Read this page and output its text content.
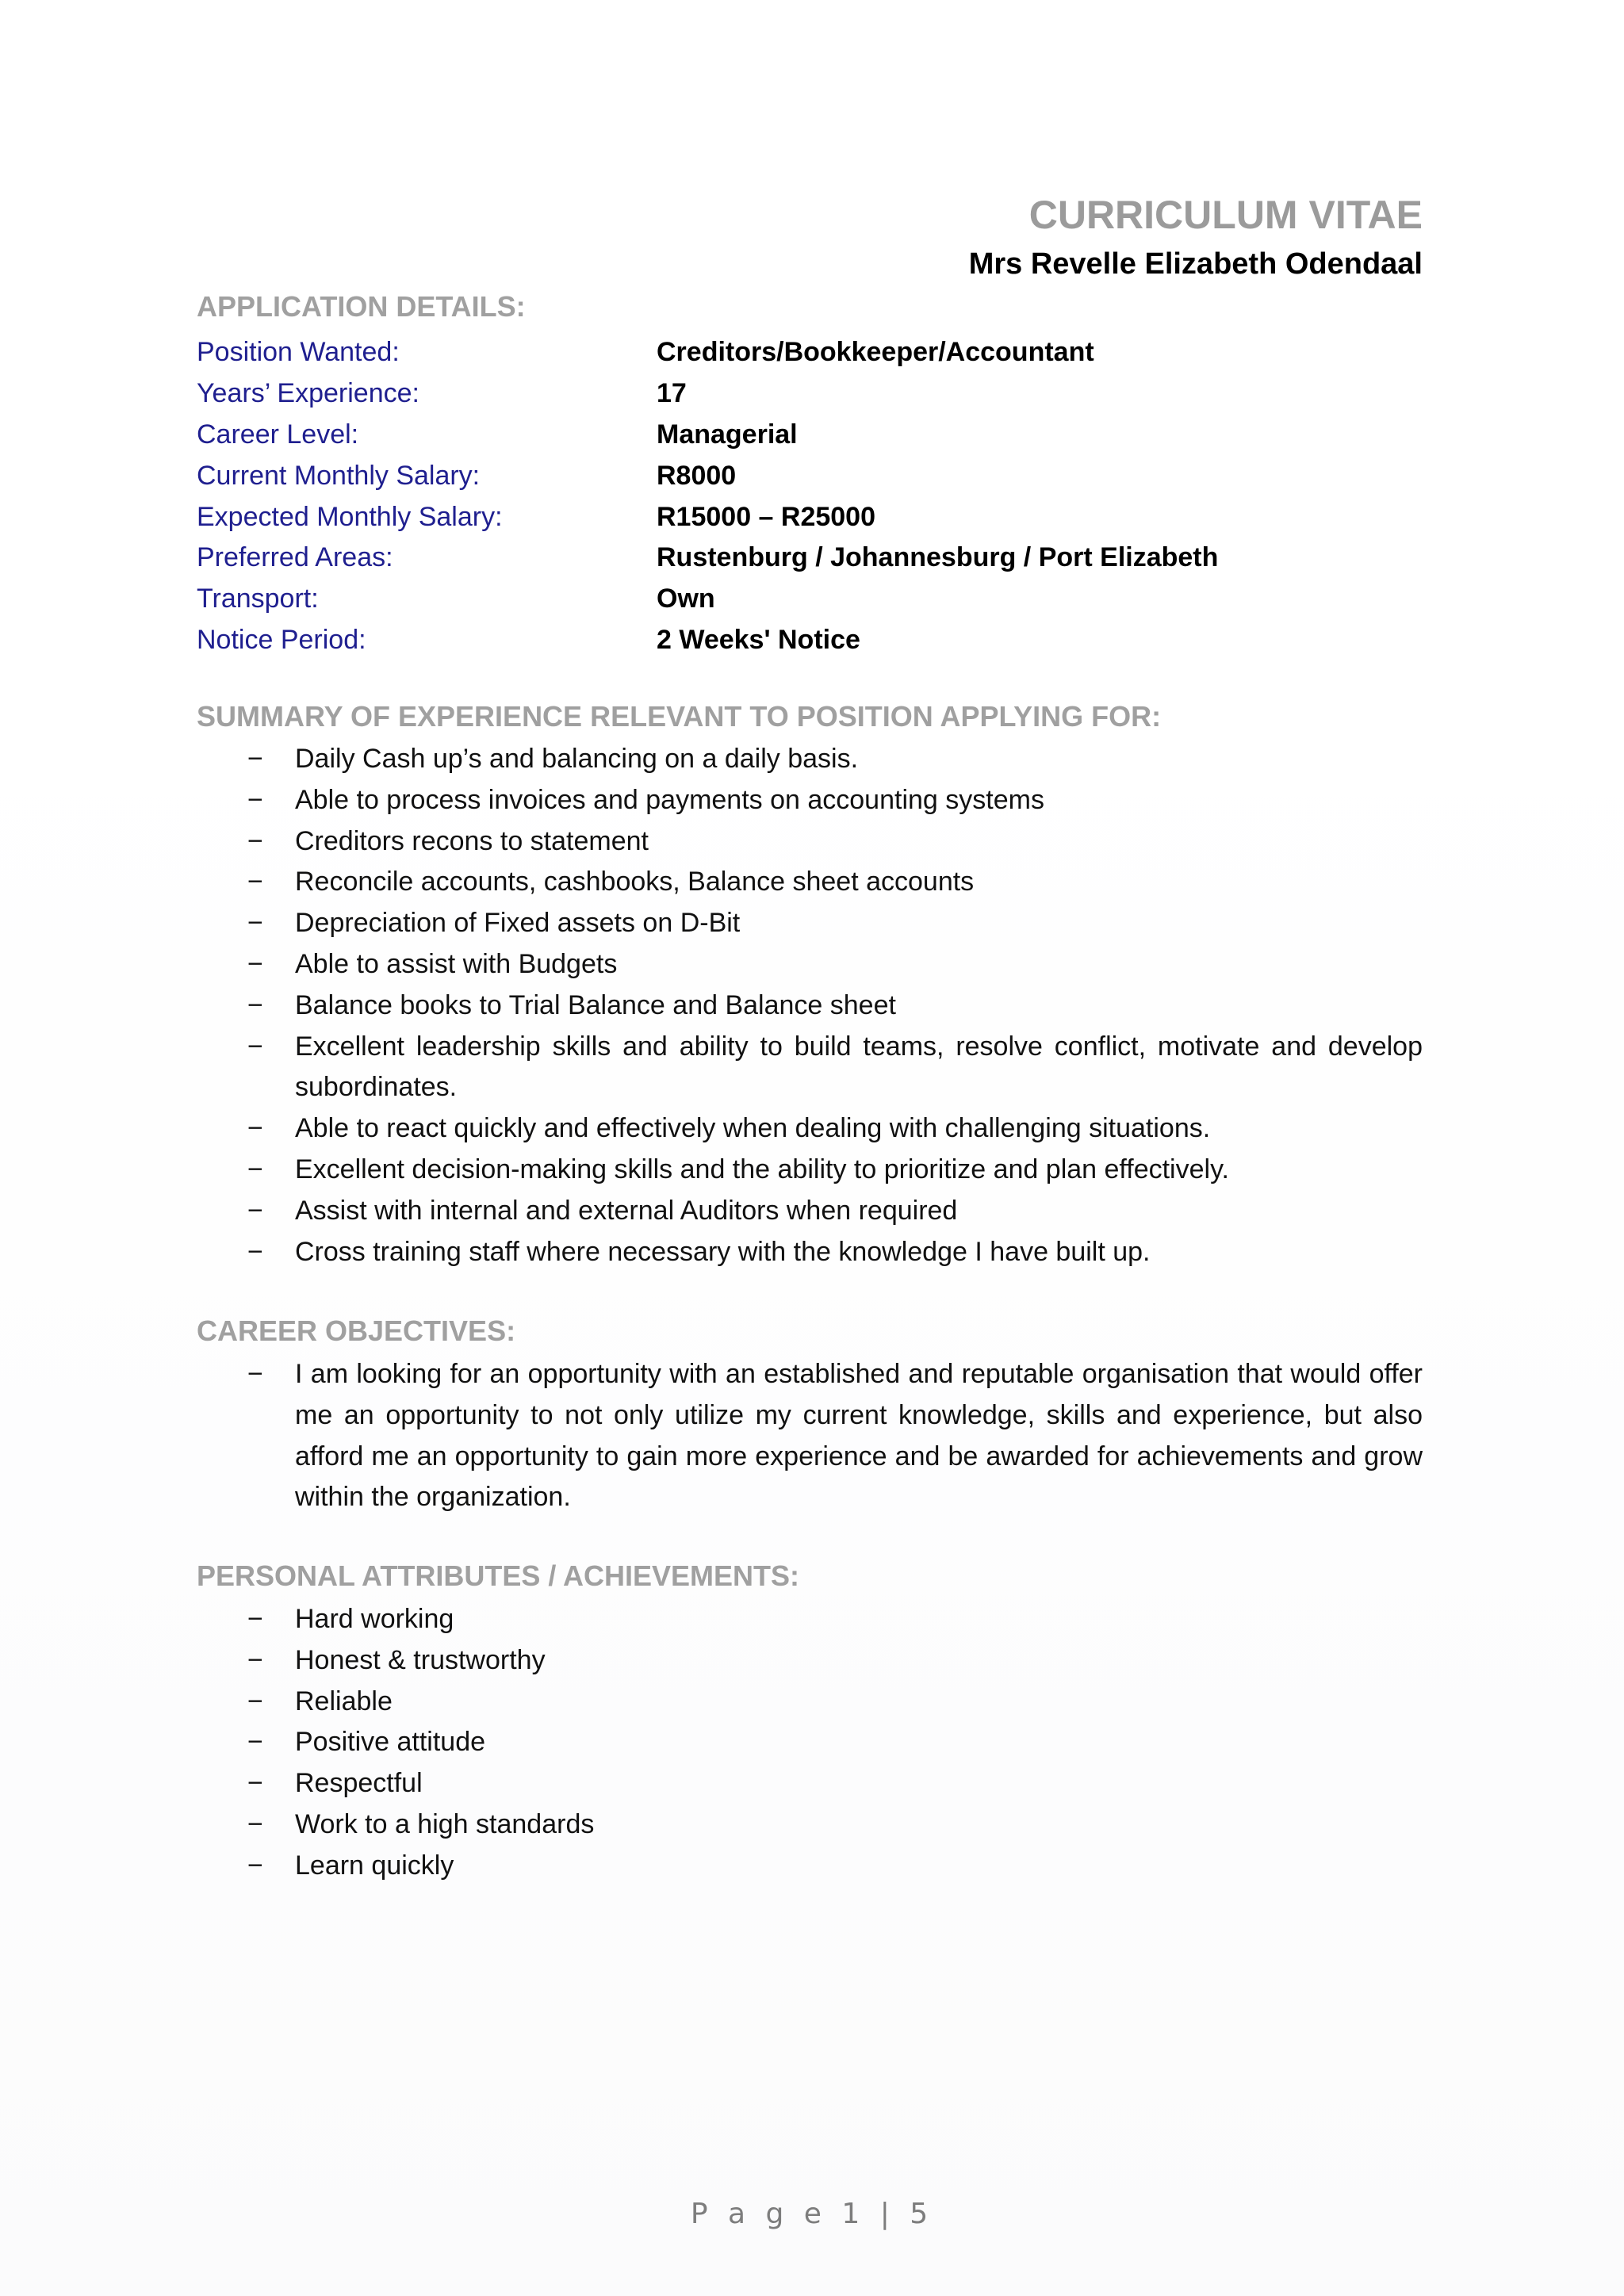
CURRICULUM VITAE
Mrs Revelle Elizabeth Odendaal
APPLICATION DETAILS:
Position Wanted:	Creditors/Bookkeeper/Accountant
Years’ Experience:	17
Career Level:	Managerial
Current Monthly Salary:	R8000
Expected Monthly Salary:	R15000 – R25000
Preferred Areas:	Rustenburg / Johannesburg / Port Elizabeth
Transport:	Own
Notice Period:	2 Weeks' Notice
SUMMARY OF EXPERIENCE RELEVANT TO POSITION APPLYING FOR:
− Daily Cash up’s and balancing on a daily basis.
− Able to process invoices and payments on accounting systems
− Creditors recons to statement
− Reconcile accounts, cashbooks, Balance sheet accounts
− Depreciation of Fixed assets on D-Bit
− Able to assist with Budgets
− Balance books to Trial Balance and Balance sheet
− Excellent leadership skills and ability to build teams, resolve conflict, motivate and develop subordinates.
− Able to react quickly and effectively when dealing with challenging situations.
− Excellent decision-making skills and the ability to prioritize and plan effectively.
− Assist with internal and external Auditors when required
− Cross training staff where necessary with the knowledge I have built up.
CAREER OBJECTIVES:
− I am looking for an opportunity with an established and reputable organisation that would offer me an opportunity to not only utilize my current knowledge, skills and experience, but also afford me an opportunity to gain more experience and be awarded for achievements and grow within the organization.
PERSONAL ATTRIBUTES / ACHIEVEMENTS:
− Hard working
− Honest & trustworthy
− Reliable
− Positive attitude
− Respectful
− Work to a high standards
− Learn quickly
P a g e 1 | 5
